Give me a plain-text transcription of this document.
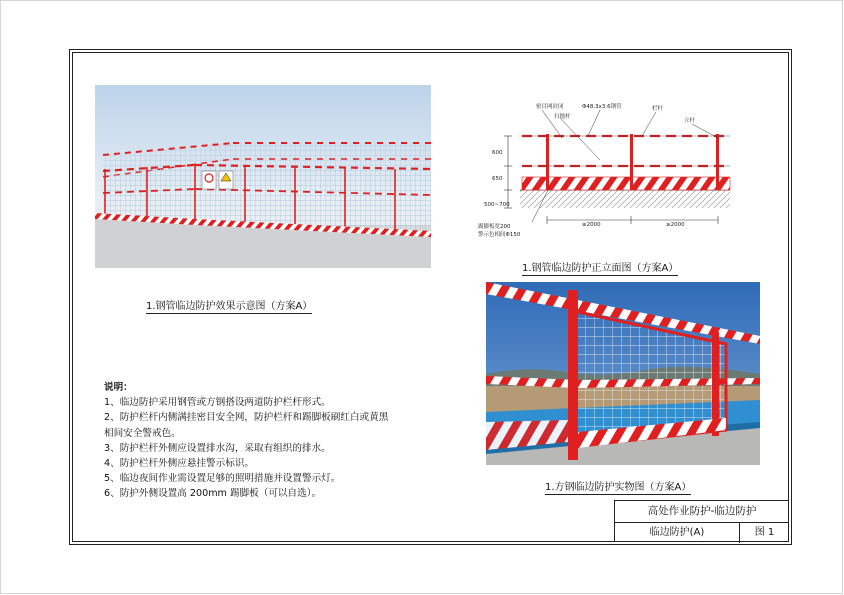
1.钢管临边防护效果示意图（方案A）
600
650
500~700
密目网封闭	Φ48.3x3.6钢管
扫地杆
栏杆
立杆
≥2000	≥2000
踢脚板宽200
警示色相间Φ150
1.钢管临边防护正立面图（方案A）
1.方钢临边防护实物图（方案A）
说明：
1、临边防护采用钢管或方钢搭设两道防护栏杆形式。
2、防护栏杆内侧满挂密目安全网，防护栏杆和踢脚板刷红白或黄黑
相间安全警戒色。
3、防护栏杆外侧应设置排水沟，采取有组织的排水。
4、防护栏杆外侧应悬挂警示标识。
5、临边夜间作业需设置足够的照明措施并设置警示灯。
6、防护外侧设置高 200mm 踢脚板（可以自选）。
高处作业防护-临边防护
临边防护(A)	图 1
